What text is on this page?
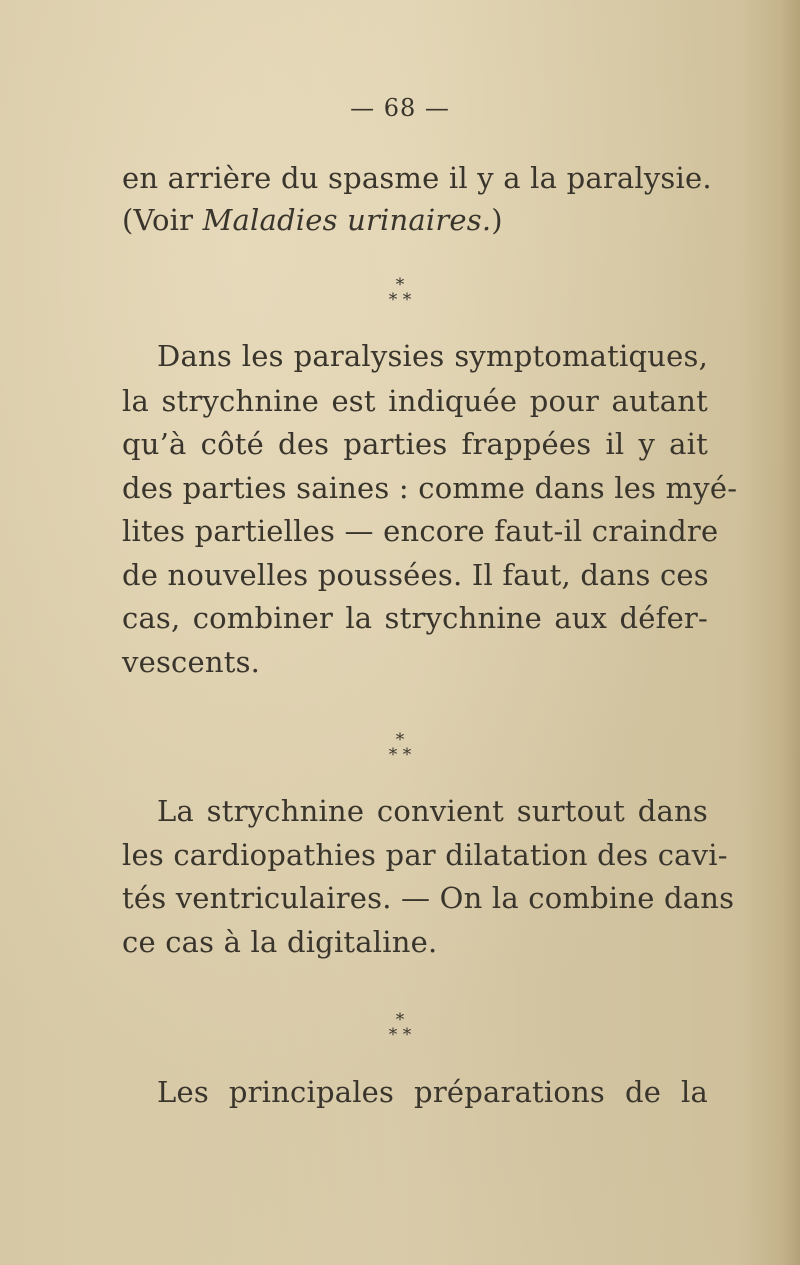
— 68 —
en arrière du spasme il y a la paralysie.
(Voir Maladies urinaires.)
*
* *
Dans les paralysies symptomatiques,
la strychnine est indiquée pour autant
qu’à côté des parties frappées il y ait
des parties saines : comme dans les myé-
lites partielles — encore faut-il craindre
de nouvelles poussées. Il faut, dans ces
cas, combiner la strychnine aux défer-
vescents.
*
* *
La strychnine convient surtout dans
les cardiopathies par dilatation des cavi-
tés ventriculaires. — On la combine dans
ce cas à la digitaline.
*
* *
Les principales préparations de la
